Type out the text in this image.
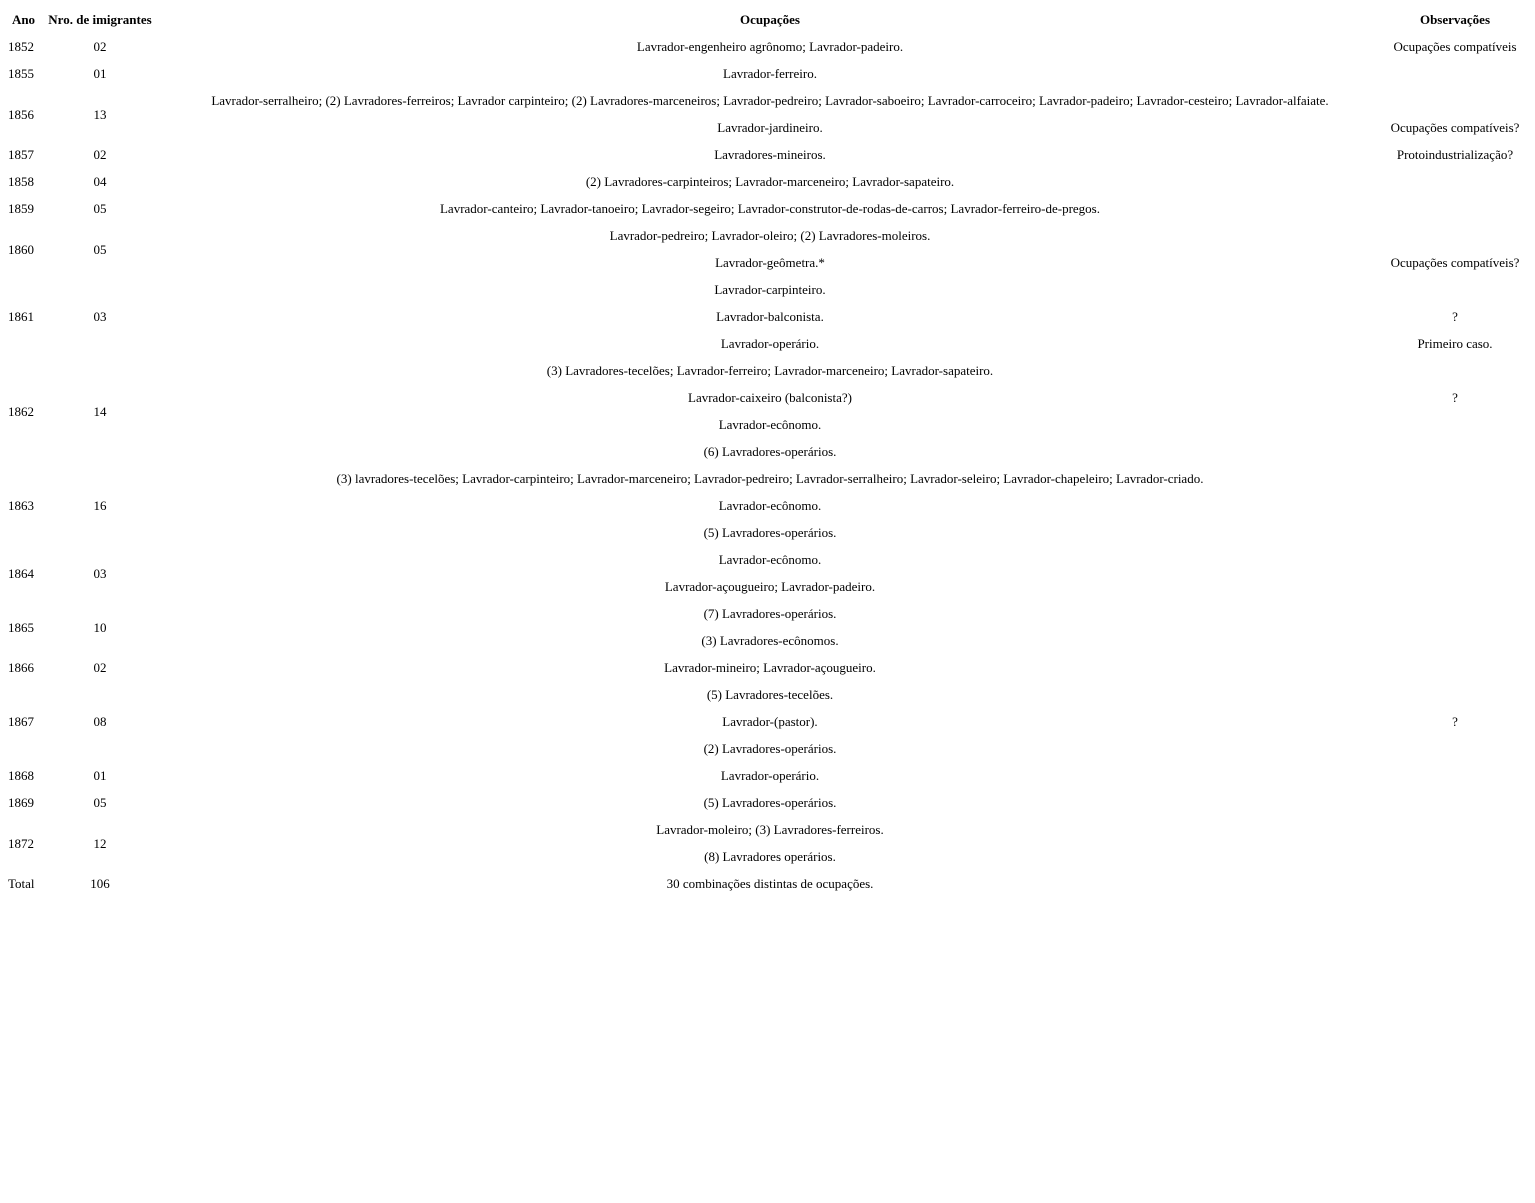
Ano	Nro. de imigrantes	Ocupações	Observações
1852	02	Lavrador-engenheiro agrônomo; Lavrador-padeiro.	Ocupações compatíveis
1855	01	Lavrador-ferreiro.	
1856	13	Lavrador-serralheiro; (2) Lavradores-ferreiros; Lavrador carpinteiro; (2) Lavradores-marceneiros; Lavrador-pedreiro; Lavrador-saboeiro; Lavrador-carroceiro; Lavrador-padeiro; Lavrador-cesteiro; Lavrador-alfaiate.	
		Lavrador-jardineiro.	Ocupações compatíveis?
1857	02	Lavradores-mineiros.	Protoindustrialização?
1858	04	(2) Lavradores-carpinteiros; Lavrador-marceneiro; Lavrador-sapateiro.	
1859	05	Lavrador-canteiro; Lavrador-tanoeiro; Lavrador-segeiro; Lavrador-construtor-de-rodas-de-carros; Lavrador-ferreiro-de-pregos.	
1860	05	Lavrador-pedreiro; Lavrador-oleiro; (2) Lavradores-moleiros.	
		Lavrador-geômetra.*	Ocupações compatíveis?
1861	03	Lavrador-carpinteiro.	
		Lavrador-balconista.	?
		Lavrador-operário.	Primeiro caso.
1862	14	(3) Lavradores-tecelões; Lavrador-ferreiro; Lavrador-marceneiro; Lavrador-sapateiro.	
		Lavrador-caixeiro (balconista?)	?
		Lavrador-ecônomo.	
		(6) Lavradores-operários.	
1863	16	(3) lavradores-tecelões; Lavrador-carpinteiro; Lavrador-marceneiro; Lavrador-pedreiro; Lavrador-serralheiro; Lavrador-seleiro; Lavrador-chapeleiro; Lavrador-criado.	
		Lavrador-ecônomo.	
		(5) Lavradores-operários.	
1864	03	Lavrador-ecônomo.	
		Lavrador-açougueiro; Lavrador-padeiro.	
1865	10	(7) Lavradores-operários.	
		(3) Lavradores-ecônomos.	
1866	02	Lavrador-mineiro; Lavrador-açougueiro.	
1867	08	(5) Lavradores-tecelões.	
		Lavrador-(pastor).	?
		(2) Lavradores-operários.	
1868	01	Lavrador-operário.	
1869	05	(5) Lavradores-operários.	
1872	12	Lavrador-moleiro; (3) Lavradores-ferreiros.	
		(8) Lavradores operários.	
Total	106	30 combinações distintas de ocupações.	
